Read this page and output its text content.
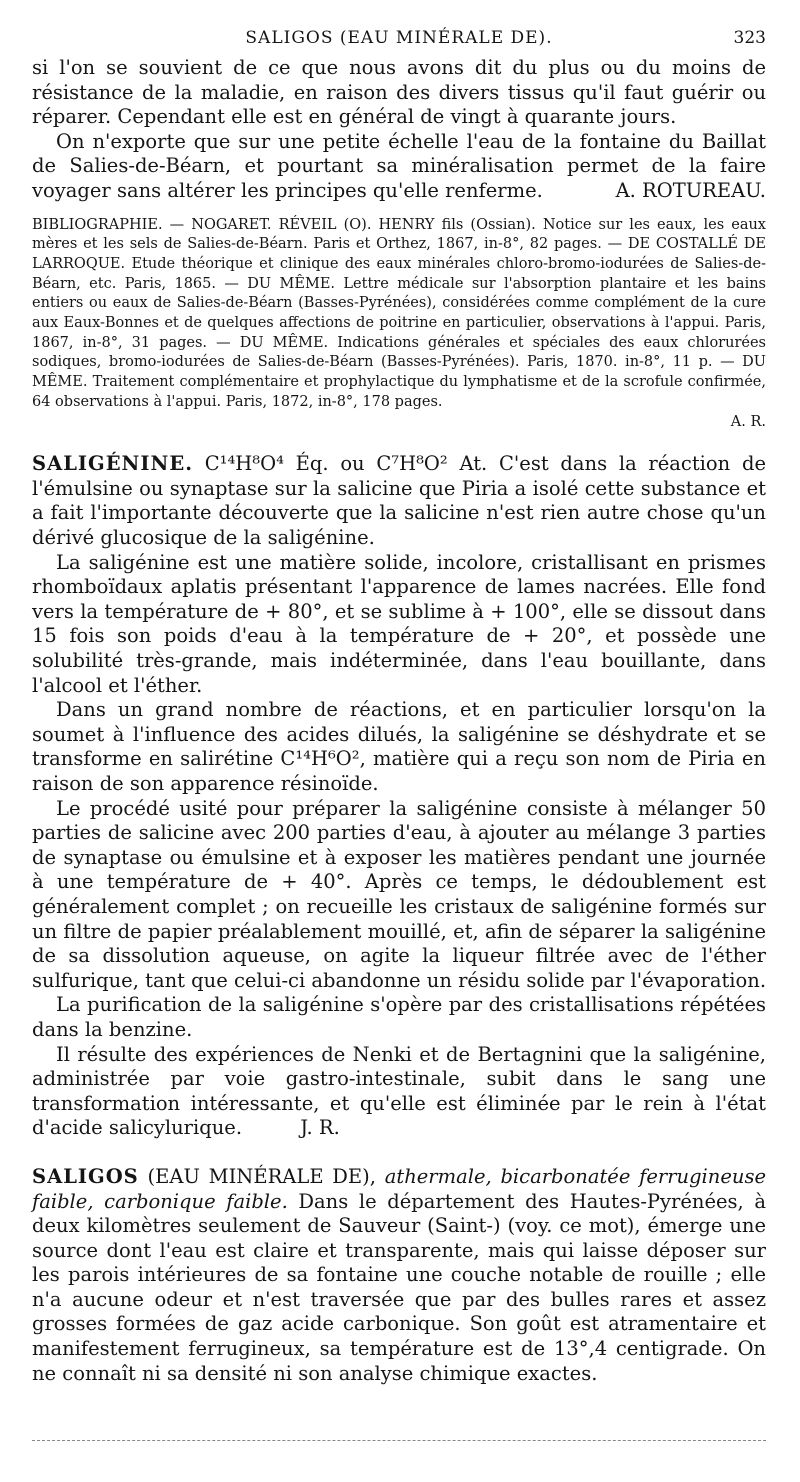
SALIGOS (EAU MINÉRALE DE).	323

si l'on se souvient de ce que nous avons dit du plus ou du moins de résistance de la maladie, en raison des divers tissus qu'il faut guérir ou réparer. Cependant elle est en général de vingt à quarante jours.

On n'exporte que sur une petite échelle l'eau de la fontaine du Baillat de Salies-de-Béarn, et pourtant sa minéralisation permet de la faire voyager sans altérer les principes qu'elle renferme.	A. ROTUREAU.

BIBLIOGRAPHIE. — NOGARET. RÉVEIL (O). HENRY fils (Ossian). Notice sur les eaux, les eaux mères et les sels de Salies-de-Béarn. Paris et Orthez, 1867, in-8°, 82 pages. — DE COSTALLÉ DE LARROQUE. Etude théorique et clinique des eaux minérales chloro-bromo-iodurées de Salies-de-Béarn, etc. Paris, 1865. — DU MÊME. Lettre médicale sur l'absorption plantaire et les bains entiers ou eaux de Salies-de-Béarn (Basses-Pyrénées), considérées comme complément de la cure aux Eaux-Bonnes et de quelques affections de poitrine en particulier, observations à l'appui. Paris, 1867, in-8°, 31 pages. — DU MÊME. Indications générales et spéciales des eaux chlorurées sodiques, bromo-iodurées de Salies-de-Béarn (Basses-Pyrénées). Paris, 1870. in-8°, 11 p. — DU MÊME. Traitement complémentaire et prophylactique du lymphatisme et de la scrofule confirmée, 64 observations à l'appui. Paris, 1872, in-8°, 178 pages.

A. R.

SALIGÉNINE. C¹⁴H⁸O⁴ Éq. ou C⁷H⁸O² At. C'est dans la réaction de l'émulsine ou synaptase sur la salicine que Piria a isolé cette substance et a fait l'importante découverte que la salicine n'est rien autre chose qu'un dérivé glucosique de la saligénine.

La saligénine est une matière solide, incolore, cristallisant en prismes rhomboïdaux aplatis présentant l'apparence de lames nacrées. Elle fond vers la température de + 80°, et se sublime à + 100°, elle se dissout dans 15 fois son poids d'eau à la température de + 20°, et possède une solubilité très-grande, mais indéterminée, dans l'eau bouillante, dans l'alcool et l'éther.

Dans un grand nombre de réactions, et en particulier lorsqu'on la soumet à l'influence des acides dilués, la saligénine se déshydrate et se transforme en salirétine C¹⁴H⁶O², matière qui a reçu son nom de Piria en raison de son apparence résinoïde.

Le procédé usité pour préparer la saligénine consiste à mélanger 50 parties de salicine avec 200 parties d'eau, à ajouter au mélange 3 parties de synaptase ou émulsine et à exposer les matières pendant une journée à une température de + 40°. Après ce temps, le dédoublement est généralement complet ; on recueille les cristaux de saligénine formés sur un filtre de papier préalablement mouillé, et, afin de séparer la saligénine de sa dissolution aqueuse, on agite la liqueur filtrée avec de l'éther sulfurique, tant que celui-ci abandonne un résidu solide par l'évaporation.

La purification de la saligénine s'opère par des cristallisations répétées dans la benzine.

Il résulte des expériences de Nenki et de Bertagnini que la saligénine, administrée par voie gastro-intestinale, subit dans le sang une transformation intéressante, et qu'elle est éliminée par le rein à l'état d'acide salicylurique.	J. R.

SALIGOS (EAU MINÉRALE DE), athermale, bicarbonatée ferrugineuse faible, carbonique faible. Dans le département des Hautes-Pyrénées, à deux kilomètres seulement de Sauveur (Saint-) (voy. ce mot), émerge une source dont l'eau est claire et transparente, mais qui laisse déposer sur les parois intérieures de sa fontaine une couche notable de rouille ; elle n'a aucune odeur et n'est traversée que par des bulles rares et assez grosses formées de gaz acide carbonique. Son goût est atramentaire et manifestement ferrugineux, sa température est de 13°,4 centigrade. On ne connaît ni sa densité ni son analyse chimique exactes.
